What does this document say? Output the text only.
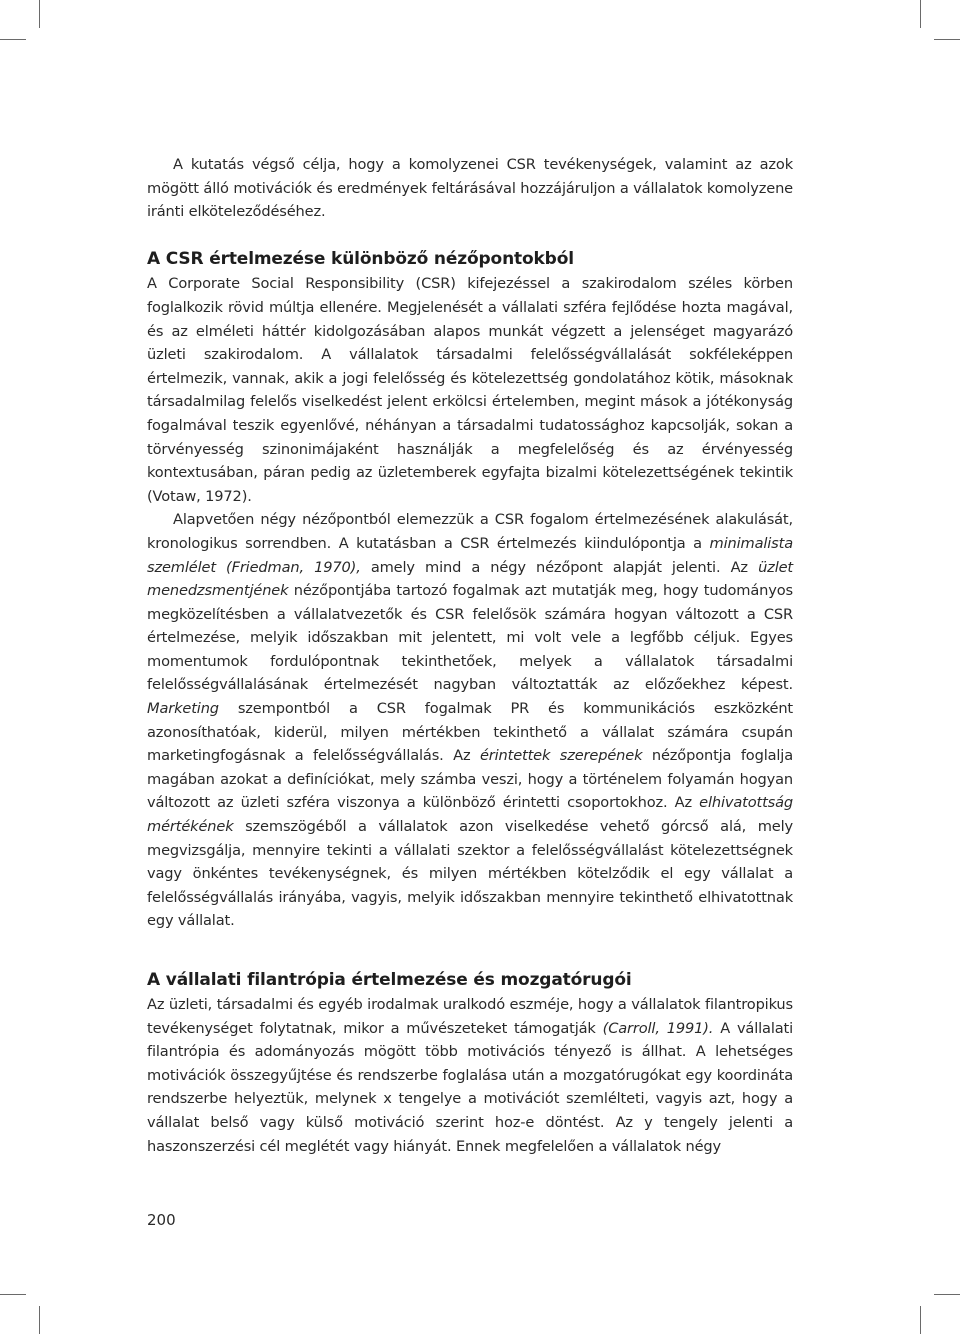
A kutatás végső célja, hogy a komolyzenei CSR tevékenységek, valamint az azok mögött álló motivációk és eredmények feltárásával hozzájáruljon a vállalatok komolyzene iránti elköteleződéséhez.

A CSR értelmezése különböző nézőpontokból

A Corporate Social Responsibility (CSR) kifejezéssel a szakirodalom széles körben foglalkozik rövid múltja ellenére. Megjelenését a vállalati szféra fejlődése hozta magával, és az elméleti háttér kidolgozásában alapos munkát végzett a jelenséget magyarázó üzleti szakirodalom. A vállalatok társadalmi felelősségvállalását sokféleképpen értelmezik, vannak, akik a jogi felelősség és kötelezettség gondolatához kötik, másoknak társadalmilag felelős viselkedést jelent erkölcsi értelemben, megint mások a jótékonyság fogalmával teszik egyenlővé, néhányan a társadalmi tudatossághoz kapcsolják, sokan a törvényesség szinonimájaként használják a megfelelőség és az érvényesség kontextusában, páran pedig az üzletemberek egyfajta bizalmi kötelezettségének tekintik (Votaw, 1972).

Alapvetően négy nézőpontból elemezzük a CSR fogalom értelmezésének alakulását, kronologikus sorrendben. A kutatásban a CSR értelmezés kiindulópontja a minimalista szemlélet (Friedman, 1970), amely mind a négy nézőpont alapját jelenti. Az üzlet menedzsmentjének nézőpontjába tartozó fogalmak azt mutatják meg, hogy tudományos megközelítésben a vállalatvezetők és CSR felelősök számára hogyan változott a CSR értelmezése, melyik időszakban mit jelentett, mi volt vele a legfőbb céljuk. Egyes momentumok fordulópontnak tekinthetőek, melyek a vállalatok társadalmi felelősségvállalásának értelmezését nagyban változtatták az előzőekhez képest. Marketing szempontból a CSR fogalmak PR és kommunikációs eszközként azonosíthatóak, kiderül, milyen mértékben tekinthető a vállalat számára csupán marketingfogásnak a felelősségvállalás. Az érintettek szerepének nézőpontja foglalja magában azokat a definíciókat, mely számba veszi, hogy a történelem folyamán hogyan változott az üzleti szféra viszonya a különböző érintetti csoportokhoz. Az elhivatottság mértékének szemszögéből a vállalatok azon viselkedése vehető górcső alá, mely megvizsgálja, mennyire tekinti a vállalati szektor a felelősségvállalást kötelezettségnek vagy önkéntes tevékenységnek, és milyen mértékben kötelződik el egy vállalat a felelősségvállalás irányába, vagyis, melyik időszakban mennyire tekinthető elhivatottnak egy vállalat.

A vállalati filantrópia értelmezése és mozgatórugói

Az üzleti, társadalmi és egyéb irodalmak uralkodó eszméje, hogy a vállalatok filantropikus tevékenységet folytatnak, mikor a művészeteket támogatják (Carroll, 1991). A vállalati filantrópia és adományozás mögött több motivációs tényező is állhat. A lehetséges motivációk összegyűjtése és rendszerbe foglalása után a mozgatórugókat egy koordináta rendszerbe helyeztük, melynek x tengelye a motivációt szemlélteti, vagyis azt, hogy a vállalat belső vagy külső motiváció szerint hoz-e döntést. Az y tengely jelenti a haszonszerzési cél meglétét vagy hiányát. Ennek megfelelően a vállalatok négy

200
